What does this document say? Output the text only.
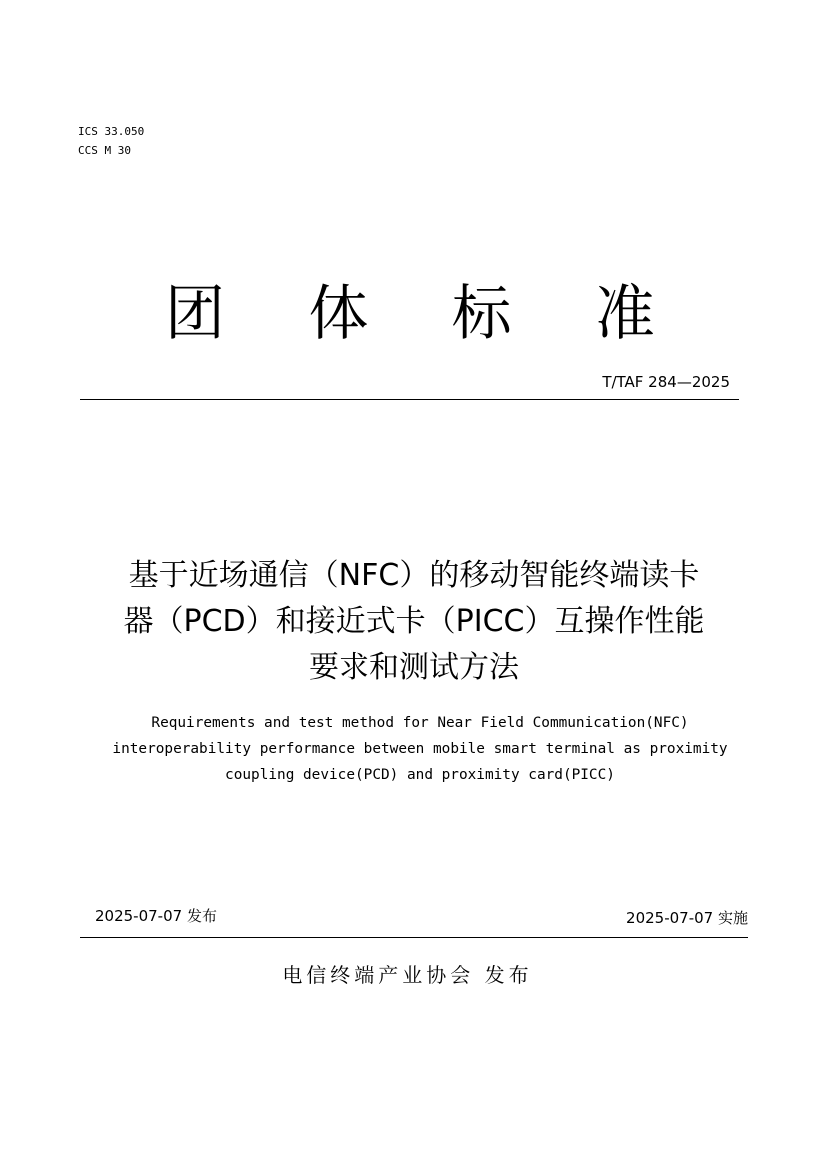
ICS 33.050
CCS M 30
团 体 标 准
T/TAF 284—2025
基于近场通信（NFC）的移动智能终端读卡
器（PCD）和接近式卡（PICC）互操作性能
要求和测试方法
Requirements and test method for Near Field Communication(NFC)
interoperability performance between mobile smart terminal as proximity
coupling device(PCD) and proximity card(PICC)
2025-07-07 发布	2025-07-07 实施
电信终端产业协会 发布
